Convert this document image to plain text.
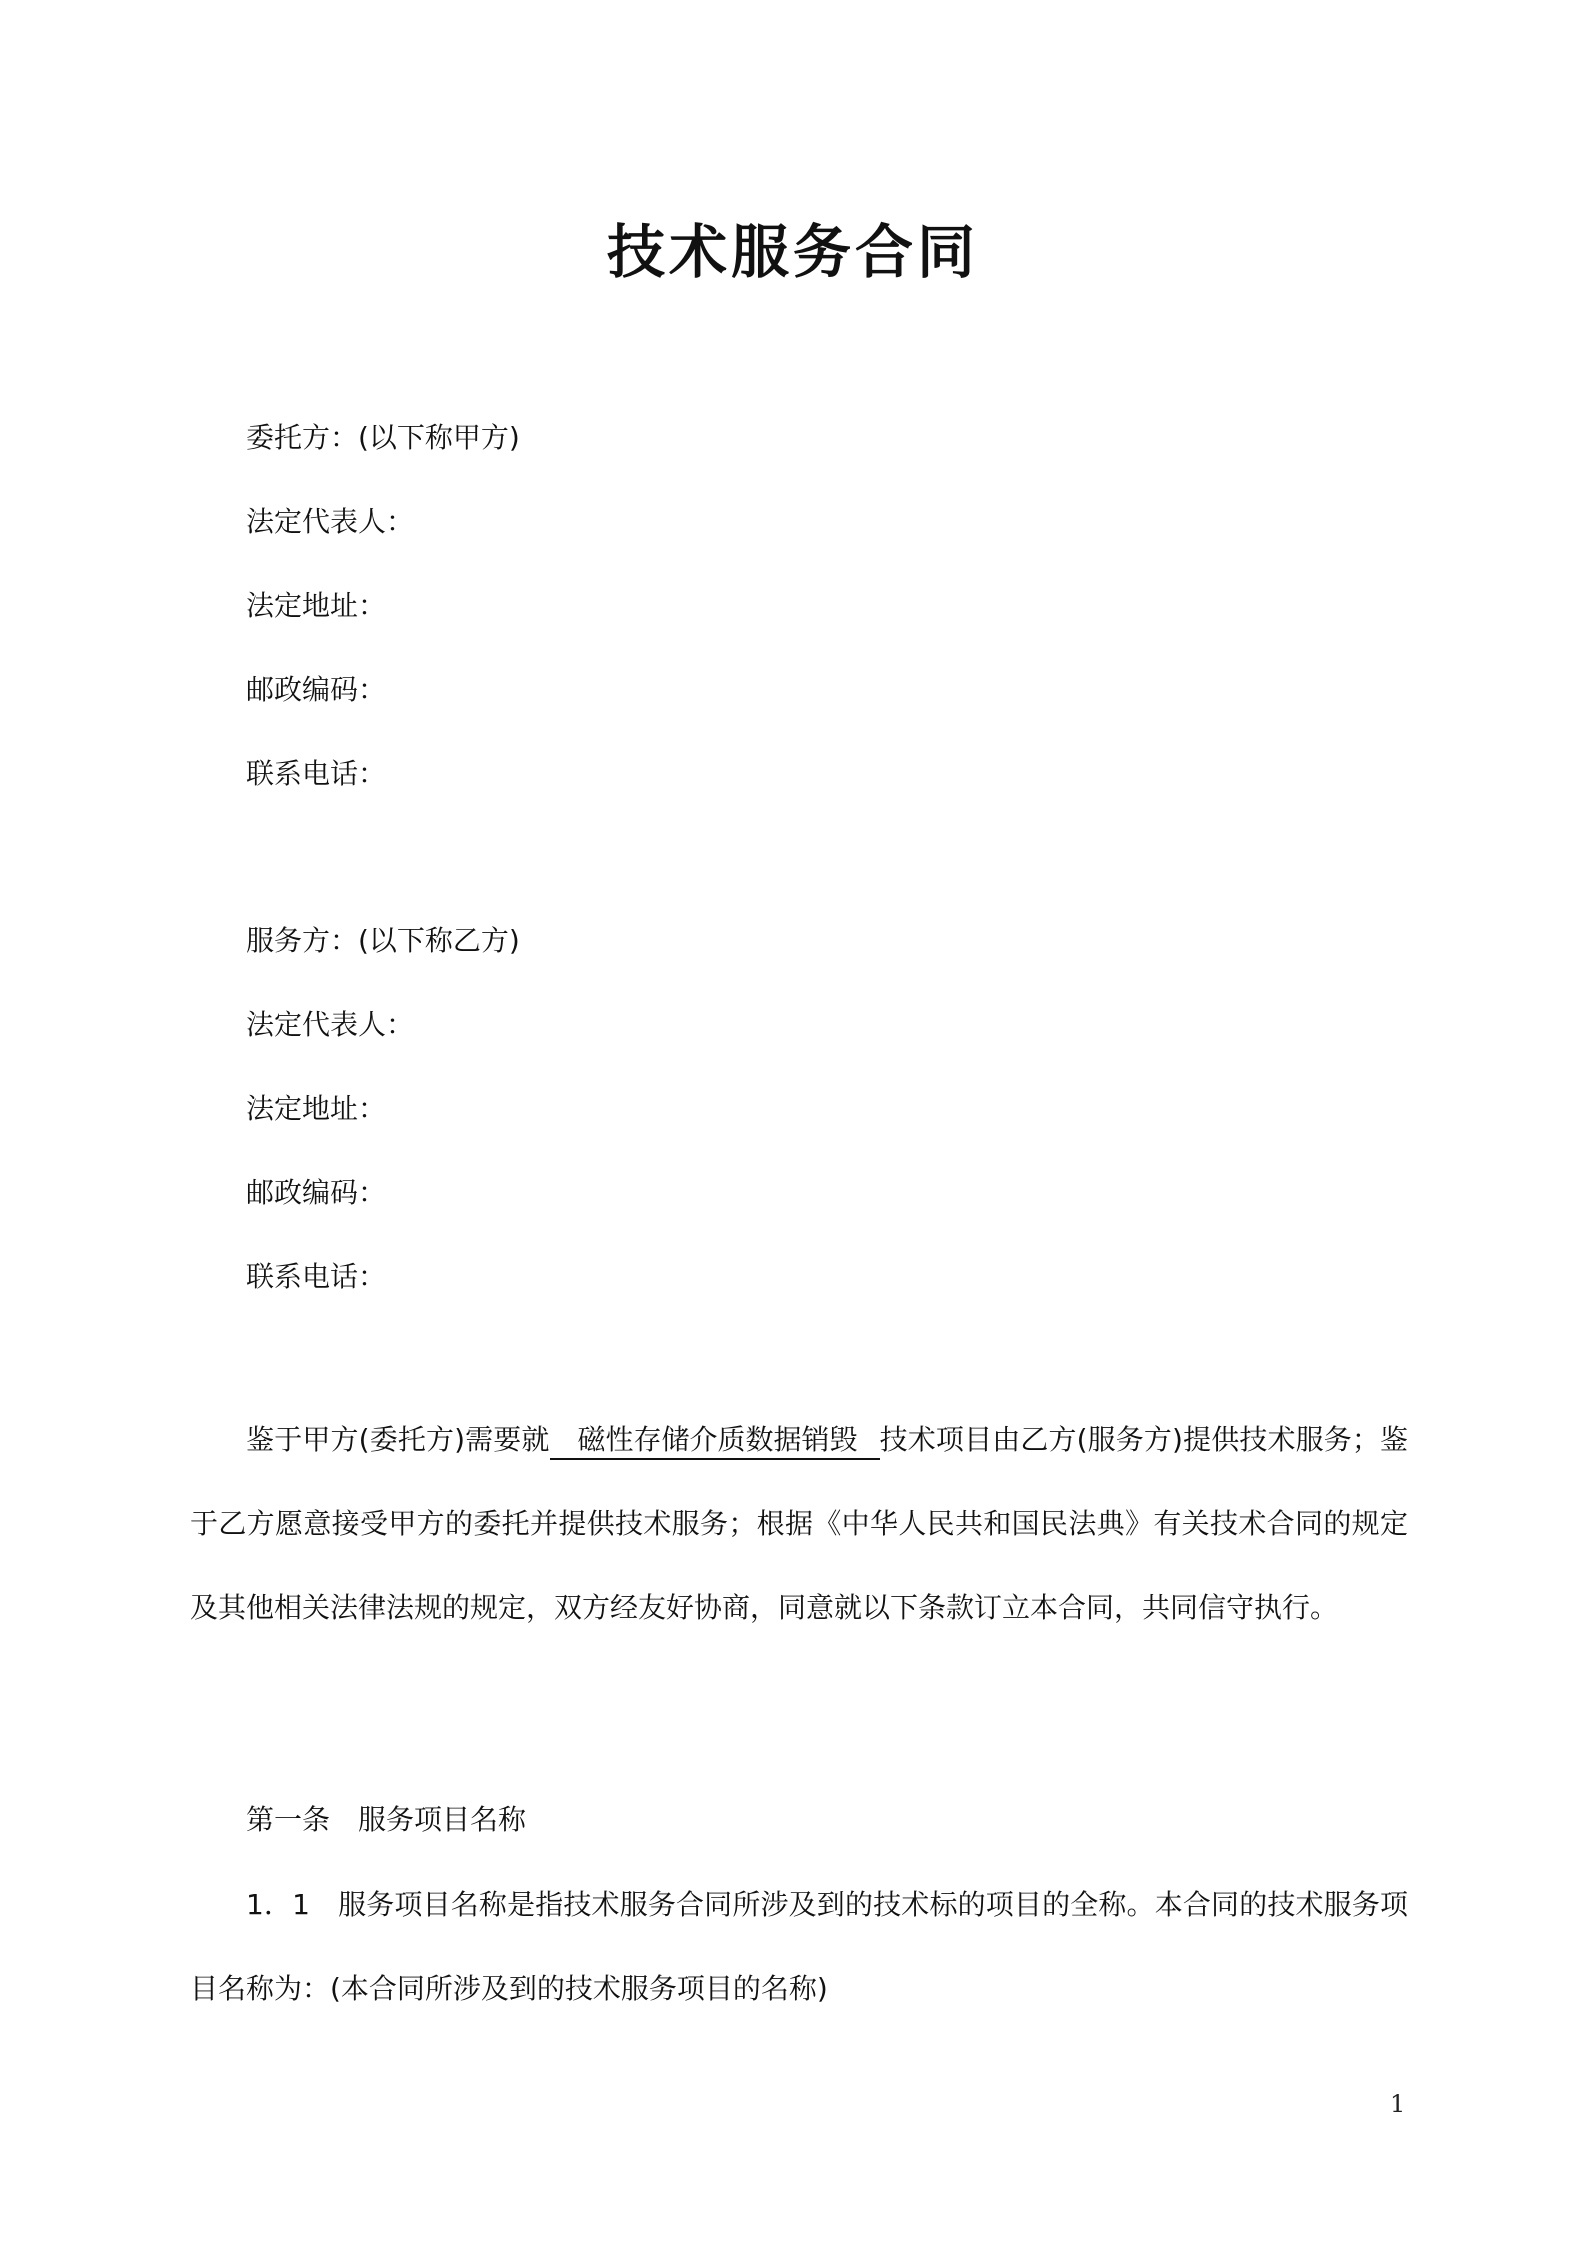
技术服务合同
委托方：(以下称甲方)
法定代表人：
法定地址：
邮政编码：
联系电话：
服务方：(以下称乙方)
法定代表人：
法定地址：
邮政编码：
联系电话：
鉴于甲方(委托方)需要就 磁性存储介质数据销毁 技术项目由乙方(服务方)提供技术服务；鉴于乙方愿意接受甲方的委托并提供技术服务；根据《中华人民共和国民法典》有关技术合同的规定及其他相关法律法规的规定，双方经友好协商，同意就以下条款订立本合同，共同信守执行。
第一条 服务项目名称
1．1 服务项目名称是指技术服务合同所涉及到的技术标的项目的全称。本合同的技术服务项目名称为：(本合同所涉及到的技术服务项目的名称)
1
